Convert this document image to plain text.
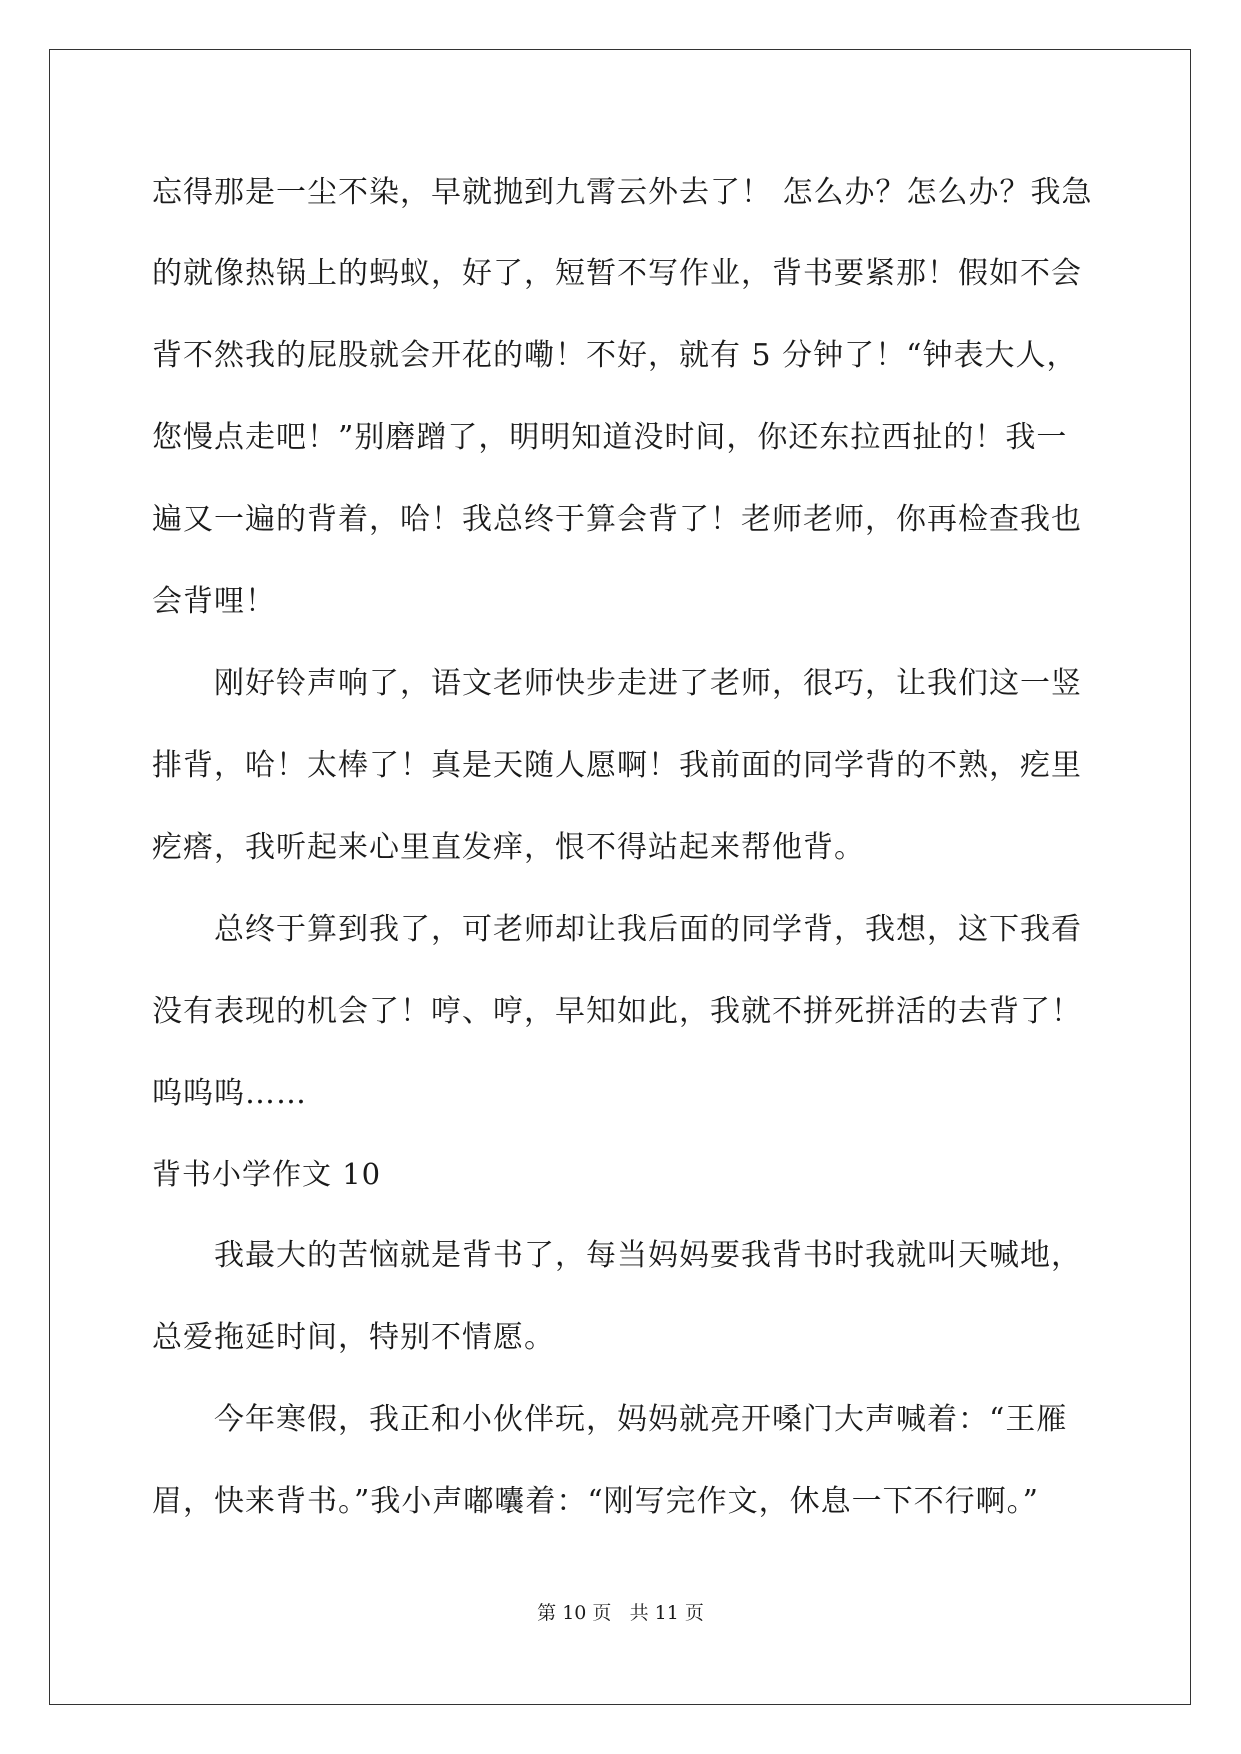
忘得那是一尘不染，早就抛到九霄云外去了！ 怎么办？怎么办？我急
的就像热锅上的蚂蚁，好了，短暂不写作业，背书要紧那！假如不会
背不然我的屁股就会开花的嘞！不好，就有 5 分钟了！“钟表大人，
您慢点走吧！”别磨蹭了，明明知道没时间，你还东拉西扯的！我一
遍又一遍的背着，哈！我总终于算会背了！老师老师，你再检查我也
会背哩！
刚好铃声响了，语文老师快步走进了老师，很巧，让我们这一竖
排背，哈！太棒了！真是天随人愿啊！我前面的同学背的不熟，疙里
疙瘩，我听起来心里直发痒，恨不得站起来帮他背。
总终于算到我了，可老师却让我后面的同学背，我想，这下我看
没有表现的机会了！哼、哼，早知如此，我就不拼死拼活的去背了！
呜呜呜……
背书小学作文 10
我最大的苦恼就是背书了，每当妈妈要我背书时我就叫天喊地，
总爱拖延时间，特别不情愿。
今年寒假，我正和小伙伴玩，妈妈就亮开嗓门大声喊着：“王雁
眉，快来背书。”我小声嘟囔着：“刚写完作文，休息一下不行啊。”
第 10 页 共 11 页
